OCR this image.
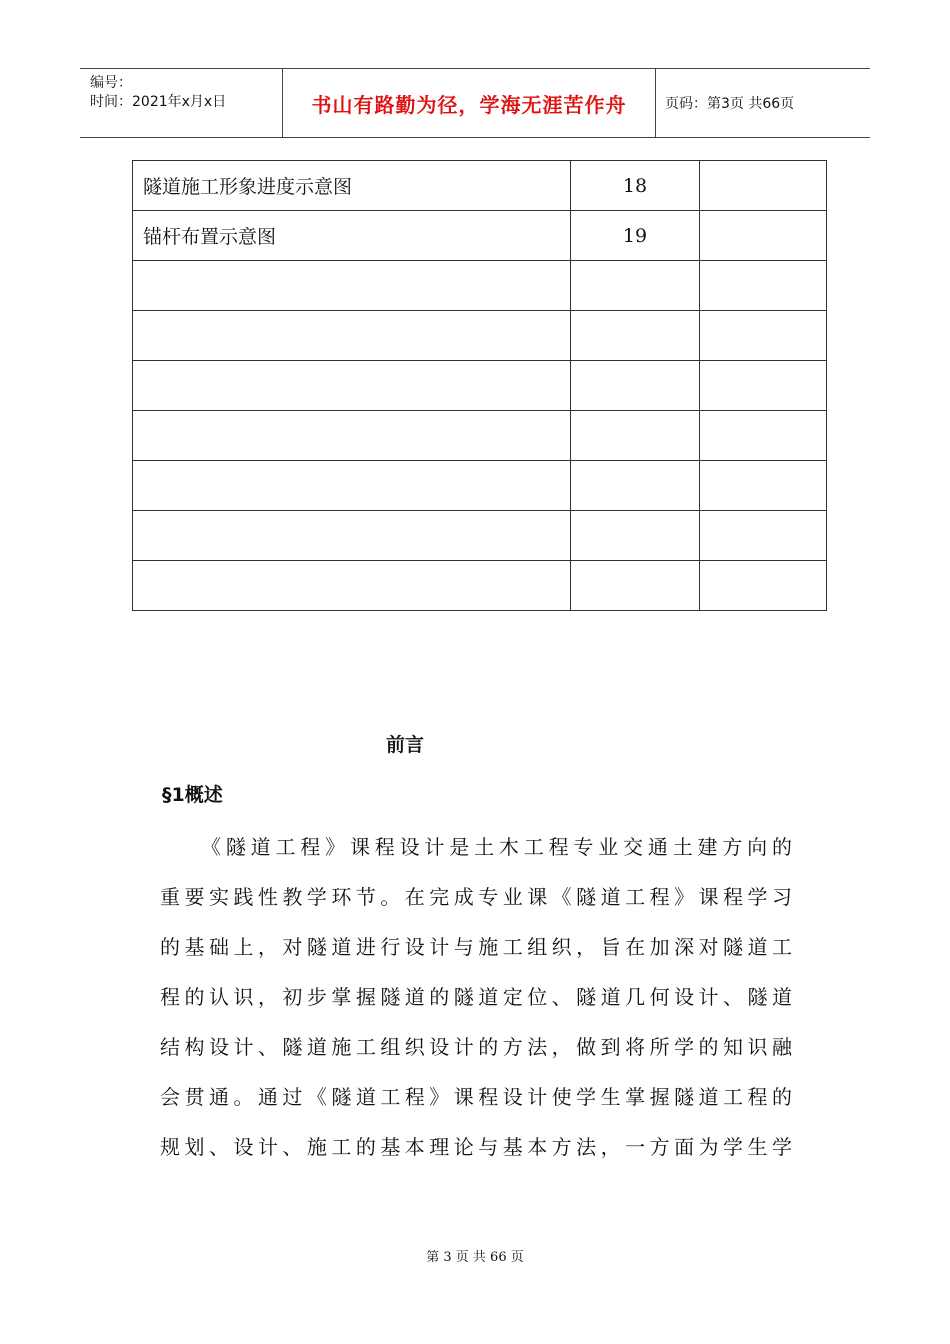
编号：
时间：2021年x月x日	书山有路勤为径，学海无涯苦作舟	页码：第3页 共66页
隧道施工形象进度示意图	18	
锚杆布置示意图	19	

前言
§1概述
《隧道工程》课程设计是土木工程专业交通土建方向的
重要实践性教学环节。在完成专业课《隧道工程》课程学习
的基础上，对隧道进行设计与施工组织，旨在加深对隧道工
程的认识，初步掌握隧道的隧道定位、隧道几何设计、隧道
结构设计、隧道施工组织设计的方法，做到将所学的知识融
会贯通。通过《隧道工程》课程设计使学生掌握隧道工程的
规划、设计、施工的基本理论与基本方法，一方面为学生学
第 3 页 共 66 页
